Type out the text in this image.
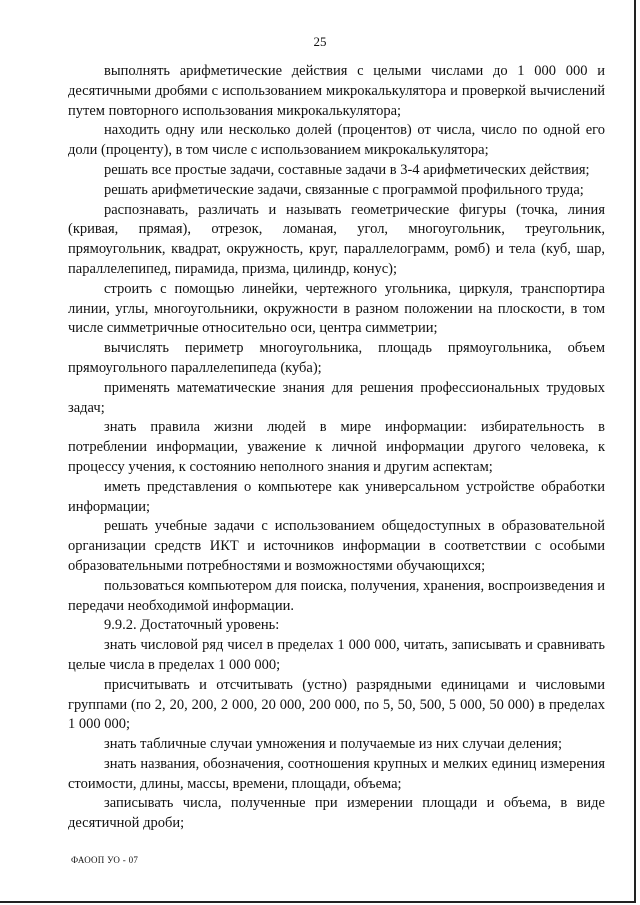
25

выполнять арифметические действия с целыми числами до 1 000 000 и десятичными дробями с использованием микрокалькулятора и проверкой вычислений путем повторного использования микрокалькулятора;

находить одну или несколько долей (процентов) от числа, число по одной его доли (проценту), в том числе с использованием микрокалькулятора;

решать все простые задачи, составные задачи в 3-4 арифметических действия;

решать арифметические задачи, связанные с программой профильного труда;

распознавать, различать и называть геометрические фигуры (точка, линия (кривая, прямая), отрезок, ломаная, угол, многоугольник, треугольник, прямоугольник, квадрат, окружность, круг, параллелограмм, ромб) и тела (куб, шар, параллелепипед, пирамида, призма, цилиндр, конус);

строить с помощью линейки, чертежного угольника, циркуля, транспортира линии, углы, многоугольники, окружности в разном положении на плоскости, в том числе симметричные относительно оси, центра симметрии;

вычислять периметр многоугольника, площадь прямоугольника, объем прямоугольного параллелепипеда (куба);

применять математические знания для решения профессиональных трудовых задач;

знать правила жизни людей в мире информации: избирательность в потреблении информации, уважение к личной информации другого человека, к процессу учения, к состоянию неполного знания и другим аспектам;

иметь представления о компьютере как универсальном устройстве обработки информации;

решать учебные задачи с использованием общедоступных в образовательной организации средств ИКТ и источников информации в соответствии с особыми образовательными потребностями и возможностями обучающихся;

пользоваться компьютером для поиска, получения, хранения, воспроизведения и передачи необходимой информации.

9.9.2. Достаточный уровень:

знать числовой ряд чисел в пределах 1 000 000, читать, записывать и сравнивать целые числа в пределах 1 000 000;

присчитывать и отсчитывать (устно) разрядными единицами и числовыми группами (по 2, 20, 200, 2 000, 20 000, 200 000, по 5, 50, 500, 5 000, 50 000) в пределах 1 000 000;

знать табличные случаи умножения и получаемые из них случаи деления;

знать названия, обозначения, соотношения крупных и мелких единиц измерения стоимости, длины, массы, времени, площади, объема;

записывать числа, полученные при измерении площади и объема, в виде десятичной дроби;

ФАООП УО - 07
